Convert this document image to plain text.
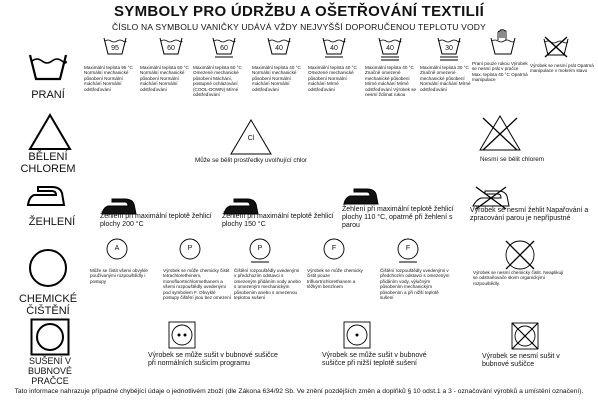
SYMBOLY PRO ÚDRŽBU A OŠETŘOVÁNÍ TEXTILIÍ
ČÍSLO NA SYMBOLU VANIČKY UDÁVÁ VŽDY NEJVYŠŠÍ DOPORUČENOU TEPLOTU VODY
PRANÍ
95
Maximální teplota 95 °C Normální mechanické působení Normální máchání Normální odstřeďování
60
Maximální teplota 60 °C Normální mechanické působení Normální máchání Normální odstřeďování
60
Maximální teplota 60 °C Omezené mechanické působení Máchání, postupné ochlazování (COOL-DOWN) Mírné odstřeďování
40
Maximální teplota 40 °C Normální mechanické působení Normální máchání Normální odstřeďování
40
Maximální teplota 40 °C Omezené mechanické působení Normální máchání Mírné odstřeďování
40
Maximální teplota 40 °C Značně omezené mechanické působení Mírné máchání Mírné odstřeďování Výrobek se nesmí ždímat rukou
30
Maximální teplota 30 °C Značně omezené mechanické působení Normální máchání Mírné odstřeďování
Praní pouze rukou Výrobek se nesmí prát v pračce Max. teplota 40 °C Opatrná manipulace
Výrobek se nesmí prát Opatrná manipulace v mokrém stavu
BĚLENÍ CHLOREM
Cl
Může se bělit prostředky uvolňující chlor	Nesmí se bělit chlorem
ŽEHLENÍ	Žehlení při maximální teplotě žehlicí plochy 200 °C
Žehlení při maximální teplotě žehlicí plochy 150 °C
Žehlení při maximální teplotě žehlicí plochy 110 °C, opatrně při žehlení s parou
Výrobek se nesmí žehlit Napařování a zpracování parou je nepřípustné
CHEMICKÉ ČIŠTĚNÍ
A
Může se čistit všemi obvykle používanými rozpouštědly i postupy
P
Výrobek se může chemicky čistit tetrachlorethenem, monofluortrichlormethanem a všemi rozpouštědly uvedenými pod symbolem F. Obvyklé postupy čištění jsou bez omezení
P
Čištění rozpouštědly uvedenými v předchozím odstavci s omezeným přidáním vody anebo s omezeným mechanickým působením anebo s omezenou teplotou sušení
F
Výrobek se může chemicky čistit pouze trifluortrichlorethanem a těžkým benzínem
F
Čištění rozpouštědly uvedenými v předchozím odstavci s omezeným přidáním vody, výlučným působením mechanickým působením a při nižší teplotě sušení
Výrobek se nesmí chemicky čistit. Neaplikují se odstraňovače skvrn organickými rozpouštědly.
SUŠENÍ V BUBNOVÉ PRAČCE
Výrobek se může sušit v bubnové sušičce při normálních sušicím programu
Výrobek se může sušit v bubnové sušičce při nižší teplotě sušení
Výrobek se nesmí sušit v bubnové sušičce
Tato informace nahrazuje případné chybějící údaje o jednotlivém zboží (dle Zákona 634/92 Sb. Ve znění pozdějších změn a doplňků § 10 odst.1 a 3 - označování výrobků a umístění označení).
